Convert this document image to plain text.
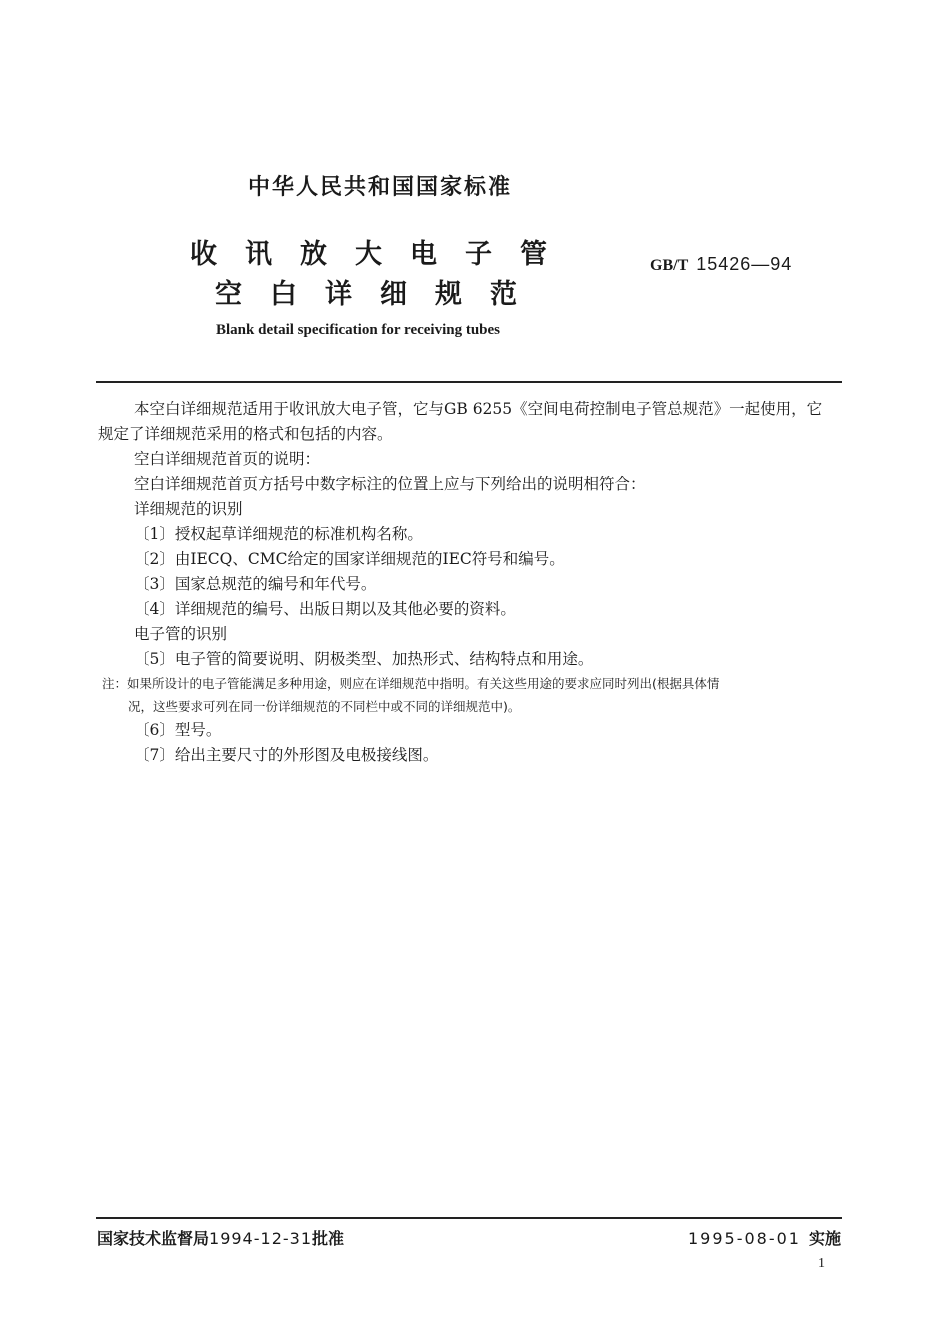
中华人民共和国国家标准
收讯放大电子管
空白详细规范
GB/T 15426—94
Blank detail specification for receiving tubes

本空白详细规范适用于收讯放大电子管，它与GB 6255《空间电荷控制电子管总规范》一起使用，它

规定了详细规范采用的格式和包括的内容。

空白详细规范首页的说明：

空白详细规范首页方括号中数字标注的位置上应与下列给出的说明相符合：

详细规范的识别

〔1〕授权起草详细规范的标准机构名称。

〔2〕由IECQ、CMC给定的国家详细规范的IEC符号和编号。

〔3〕国家总规范的编号和年代号。

〔4〕详细规范的编号、出版日期以及其他必要的资料。

电子管的识别

〔5〕电子管的简要说明、阴极类型、加热形式、结构特点和用途。

注：如果所设计的电子管能满足多种用途，则应在详细规范中指明。有关这些用途的要求应同时列出(根据具体情

况，这些要求可列在同一份详细规范的不同栏中或不同的详细规范中)。

〔6〕型号。

〔7〕给出主要尺寸的外形图及电极接线图。

国家技术监督局1994-12-31批准	1995-08-01 实施
1
